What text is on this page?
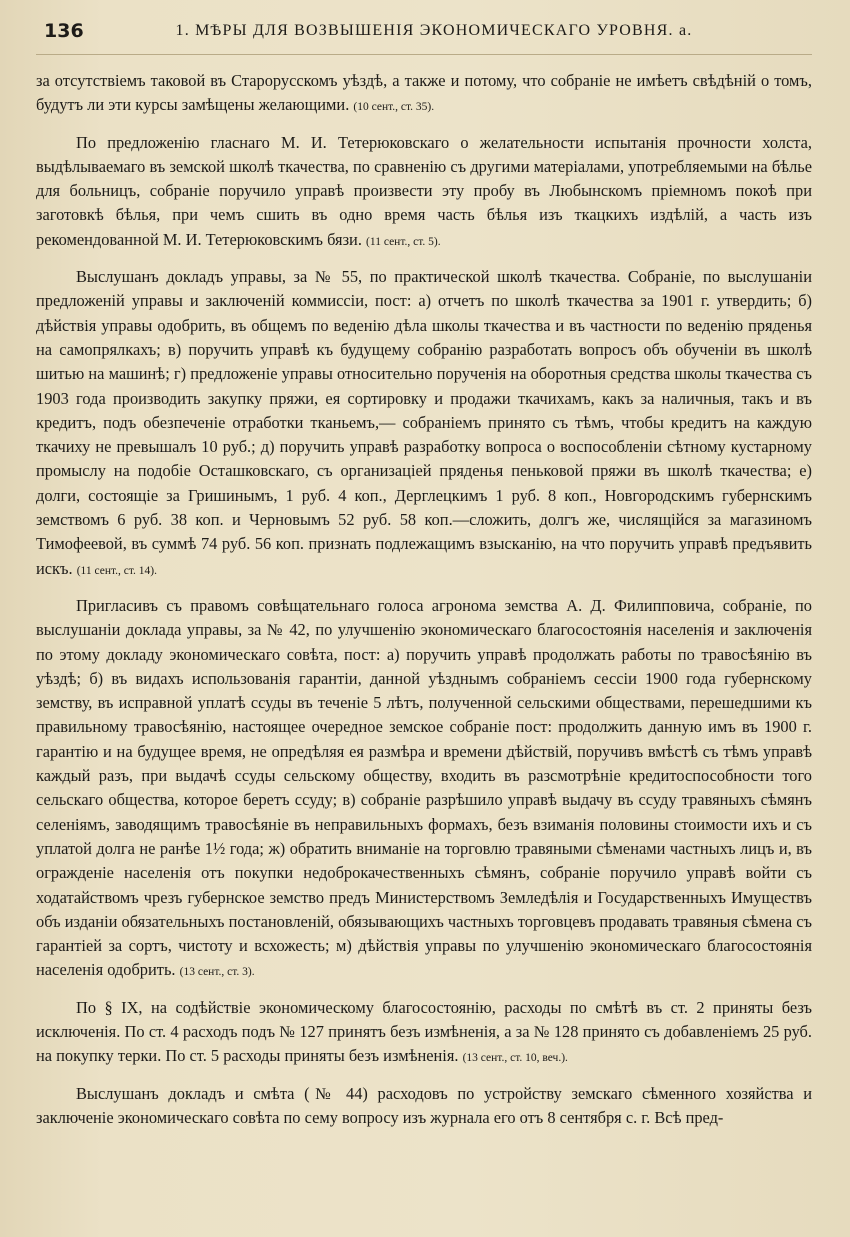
136	1. МѢРЫ ДЛЯ ВОЗВЫШЕНІЯ ЭКОНОМИЧЕСКАГО УРОВНЯ. а.

за отсутствіемъ таковой въ Старорусскомъ уѣздѣ, а также и потому, что собраніе не имѣетъ свѣдѣній о томъ, будутъ ли эти курсы замѣщены желающими. (10 сент., ст. 35).

По предложенію гласнаго М. И. Тетерюковскаго о желательности испытанія прочности холста, выдѣлываемаго въ земской школѣ ткачества, по сравненію съ другими матеріалами, употребляемыми на бѣлье для больницъ, собраніе поручило управѣ произвести эту пробу въ Любынскомъ пріемномъ покоѣ при заготовкѣ бѣлья, при чемъ сшить въ одно время часть бѣлья изъ ткацкихъ издѣлій, а часть изъ рекомендованной М. И. Тетерюковскимъ бязи. (11 сент., ст. 5).

Выслушанъ докладъ управы, за № 55, по практической школѣ ткачества. Собраніе, по выслушаніи предложеній управы и заключеній коммиссіи, пост: а) отчетъ по школѣ ткачества за 1901 г. утвердить; б) дѣйствія управы одобрить, въ общемъ по веденію дѣла школы ткачества и въ частности по веденію пряденья на самопрялкахъ; в) поручить управѣ къ будущему собранію разработать вопросъ объ обученіи въ школѣ шитью на машинѣ; г) предложеніе управы относительно порученія на оборотныя средства школы ткачества съ 1903 года производить закупку пряжи, ея сортировку и продажи ткачихамъ, какъ за наличныя, такъ и въ кредитъ, подъ обезпеченіе отработки тканьемъ,— собраніемъ принято съ тѣмъ, чтобы кредитъ на каждую ткачиху не превышалъ 10 руб.; д) поручить управѣ разработку вопроса о воспособленіи сѣтному кустарному промыслу на подобіе Осташковскаго, съ организаціей пряденья пеньковой пряжи въ школѣ ткачества; е) долги, состоящіе за Гришинымъ, 1 руб. 4 коп., Дерглецкимъ 1 руб. 8 коп., Новгородскимъ губернскимъ земствомъ 6 руб. 38 коп. и Черновымъ 52 руб. 58 коп.—сложить, долгъ же, числящійся за магазиномъ Тимофеевой, въ суммѣ 74 руб. 56 коп. признать подлежащимъ взысканію, на что поручить управѣ предъявить искъ. (11 сент., ст. 14).

Пригласивъ съ правомъ совѣщательнаго голоса агронома земства А. Д. Филипповича, собраніе, по выслушаніи доклада управы, за № 42, по улучшенію экономическаго благосостоянія населенія и заключенія по этому докладу экономическаго совѣта, пост: а) поручить управѣ продолжать работы по травосѣянію въ уѣздѣ; б) въ видахъ использованія гарантіи, данной уѣзднымъ собраніемъ сессіи 1900 года губернскому земству, въ исправной уплатѣ ссуды въ теченіе 5 лѣтъ, полученной сельскими обществами, перешедшими къ правильному травосѣянію, настоящее очередное земское собраніе пост: продолжить данную имъ въ 1900 г. гарантію и на будущее время, не опредѣляя ея размѣра и времени дѣйствій, поручивъ вмѣстѣ съ тѣмъ управѣ каждый разъ, при выдачѣ ссуды сельскому обществу, входить въ разсмотрѣніе кредитоспособности того сельскаго общества, которое беретъ ссуду; в) собраніе разрѣшило управѣ выдачу въ ссуду травяныхъ сѣмянъ селеніямъ, заводящимъ травосѣяніе въ неправильныхъ формахъ, безъ взиманія половины стоимости ихъ и съ уплатой долга не ранѣе 1½ года; ж) обратить вниманіе на торговлю травяными сѣменами частныхъ лицъ и, въ огражденіе населенія отъ покупки недоброкачественныхъ сѣмянъ, собраніе поручило управѣ войти съ ходатайствомъ чрезъ губернское земство предъ Министерствомъ Земледѣлія и Государственныхъ Имуществъ объ изданіи обязательныхъ постановленій, обязывающихъ частныхъ торговцевъ продавать травяныя сѣмена съ гарантіей за сортъ, чистоту и всхожесть; м) дѣйствія управы по улучшенію экономическаго благосостоянія населенія одобрить. (13 сент., ст. 3).

По § IX, на содѣйствіе экономическому благосостоянію, расходы по смѣтѣ въ ст. 2 приняты безъ исключенія. По ст. 4 расходъ подъ № 127 принятъ безъ измѣненія, а за № 128 принято съ добавленіемъ 25 руб. на покупку терки. По ст. 5 расходы приняты безъ измѣненія. (13 сент., ст. 10, веч.).

Выслушанъ докладъ и смѣта (№ 44) расходовъ по устройству земскаго сѣменного хозяйства и заключеніе экономическаго совѣта по сему вопросу изъ журнала его отъ 8 сентября с. г. Всѣ пред-
